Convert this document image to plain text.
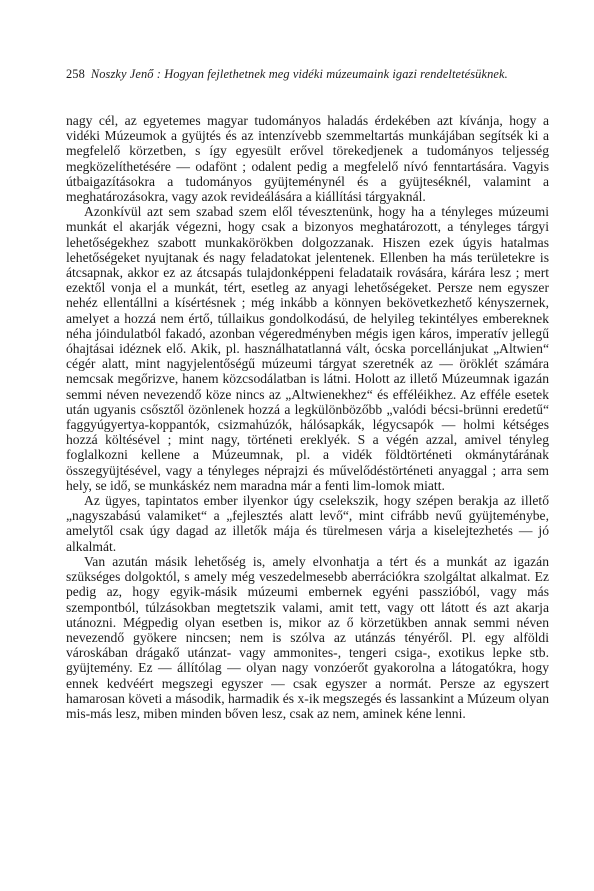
258 Noszky Jenő : Hogyan fejlethetnek meg vidéki múzeumaink igazi rendeltetésüknek.

nagy cél, az egyetemes magyar tudományos haladás érdekében azt kívánja, hogy a vidéki Múzeumok a gyüjtés és az intenzívebb szemmeltartás munkájában segítsék ki a megfelelő körzetben, s így egyesült erővel törekedjenek a tudományos teljesség megközelíthetésére — odafönt ; odalent pedig a megfelelő nívó fenntartására. Vagyis útbaigazításokra a tudományos gyüjteménynél és a gyüjteséknél, valamint a meghatározásokra, vagy azok revideálására a kiállítási tárgyaknál.

Azonkívül azt sem szabad szem elől tévesztenünk, hogy ha a tényleges múzeumi munkát el akarják végezni, hogy csak a bizonyos meghatározott, a tényleges tárgyi lehetőségekhez szabott munkakörökben dolgozzanak. Hiszen ezek úgyis hatalmas lehetőségeket nyujtanak és nagy feladatokat jelentenek. Ellenben ha más területekre is átcsapnak, akkor ez az átcsapás tulajdonképpeni feladataik rovására, kárára lesz ; mert ezektől vonja el a munkát, tért, esetleg az anyagi lehetőségeket. Persze nem egyszer nehéz ellentállni a kísértésnek ; még inkább a könnyen bekövetkezhető kényszernek, amelyet a hozzá nem értő, túllaikus gondolkodású, de helyileg tekintélyes embereknek néha jóindulatból fakadó, azonban végeredményben mégis igen káros, imperatív jellegű óhajtásai idéznek elő. Akik, pl. használhatatlanná vált, ócska porcellánjukat „Altwien“ cégér alatt, mint nagyjelentőségű múzeumi tárgyat szeretnék az — öröklét számára nemcsak megőrizve, hanem közcsodálatban is látni. Holott az illető Múzeumnak igazán semmi néven nevezendő köze nincs az „Altwienekhez“ és efféléikhez. Az efféle esetek után ugyanis csősztől özönlenek hozzá a legkülönbözőbb „valódi bécsi-brünni eredetű“ faggyúgyertya-koppantók, csizmahúzók, hálósapkák, légycsapók — holmi kétséges hozzá költésével ; mint nagy, történeti ereklyék. S a végén azzal, amivel tényleg foglalkozni kellene a Múzeumnak, pl. a vidék földtörténeti okmánytárának összegyüjtésével, vagy a tényleges néprajzi és művelődéstörténeti anyaggal ; arra sem hely, se idő, se munkáskéz nem maradna már a fenti lim-lomok miatt.

Az ügyes, tapintatos ember ilyenkor úgy cselekszik, hogy szépen berakja az illető „nagyszabású valamiket“ a „fejlesztés alatt levő“, mint cifrább nevű gyüjteménybe, amelytől csak úgy dagad az illetők mája és türelmesen várja a kiselejtezhetés — jó alkalmát.

Van azután másik lehetőség is, amely elvonhatja a tért és a munkát az igazán szükséges dolgoktól, s amely még veszedelmesebb aberrációkra szolgáltat alkalmat. Ez pedig az, hogy egyik-másik múzeumi embernek egyéni passzióból, vagy más szempontból, túlzásokban megtetszik valami, amit tett, vagy ott látott és azt akarja utánozni. Mégpedig olyan esetben is, mikor az ő körzetükben annak semmi néven nevezendő gyökere nincsen; nem is szólva az utánzás tényéről. Pl. egy alföldi városkában drágakő utánzat- vagy ammonites-, tengeri csiga-, exotikus lepke stb. gyüjtemény. Ez — állítólag — olyan nagy vonzóerőt gyakorolna a látogatókra, hogy ennek kedvéért megszegi egyszer — csak egyszer a normát. Persze az egyszert hamarosan követi a második, harmadik és x-ik megszegés és lassankint a Múzeum olyan mis-más lesz, miben minden bőven lesz, csak az nem, aminek kéne lenni.
